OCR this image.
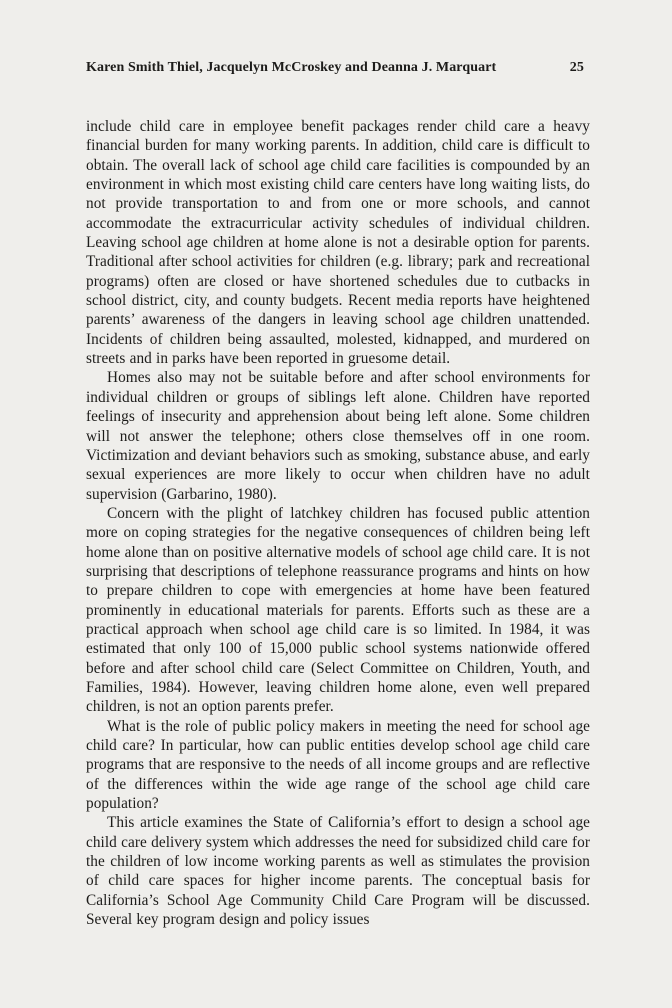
Karen Smith Thiel, Jacquelyn McCroskey and Deanna J. Marquart	25

include child care in employee benefit packages render child care a heavy financial burden for many working parents. In addition, child care is difficult to obtain. The overall lack of school age child care facilities is compounded by an environment in which most existing child care centers have long waiting lists, do not provide transportation to and from one or more schools, and cannot accommodate the extracurricular activity schedules of individual children. Leaving school age children at home alone is not a desirable option for parents. Traditional after school activities for children (e.g. library; park and recreational programs) often are closed or have shortened schedules due to cutbacks in school district, city, and county budgets. Recent media reports have heightened parents’ awareness of the dangers in leaving school age children unattended. Incidents of children being assaulted, molested, kidnapped, and murdered on streets and in parks have been reported in gruesome detail.

Homes also may not be suitable before and after school environments for individual children or groups of siblings left alone. Children have reported feelings of insecurity and apprehension about being left alone. Some children will not answer the telephone; others close themselves off in one room. Victimization and deviant behaviors such as smoking, substance abuse, and early sexual experiences are more likely to occur when children have no adult supervision (Garbarino, 1980).

Concern with the plight of latchkey children has focused public attention more on coping strategies for the negative consequences of children being left home alone than on positive alternative models of school age child care. It is not surprising that descriptions of telephone reassurance programs and hints on how to prepare children to cope with emergencies at home have been featured prominently in educational materials for parents. Efforts such as these are a practical approach when school age child care is so limited. In 1984, it was estimated that only 100 of 15,000 public school systems nationwide offered before and after school child care (Select Committee on Children, Youth, and Families, 1984). However, leaving children home alone, even well prepared children, is not an option parents prefer.

What is the role of public policy makers in meeting the need for school age child care? In particular, how can public entities develop school age child care programs that are responsive to the needs of all income groups and are reflective of the differences within the wide age range of the school age child care population?

This article examines the State of California’s effort to design a school age child care delivery system which addresses the need for subsidized child care for the children of low income working parents as well as stimulates the provision of child care spaces for higher income parents. The conceptual basis for California’s School Age Community Child Care Program will be discussed. Several key program design and policy issues
